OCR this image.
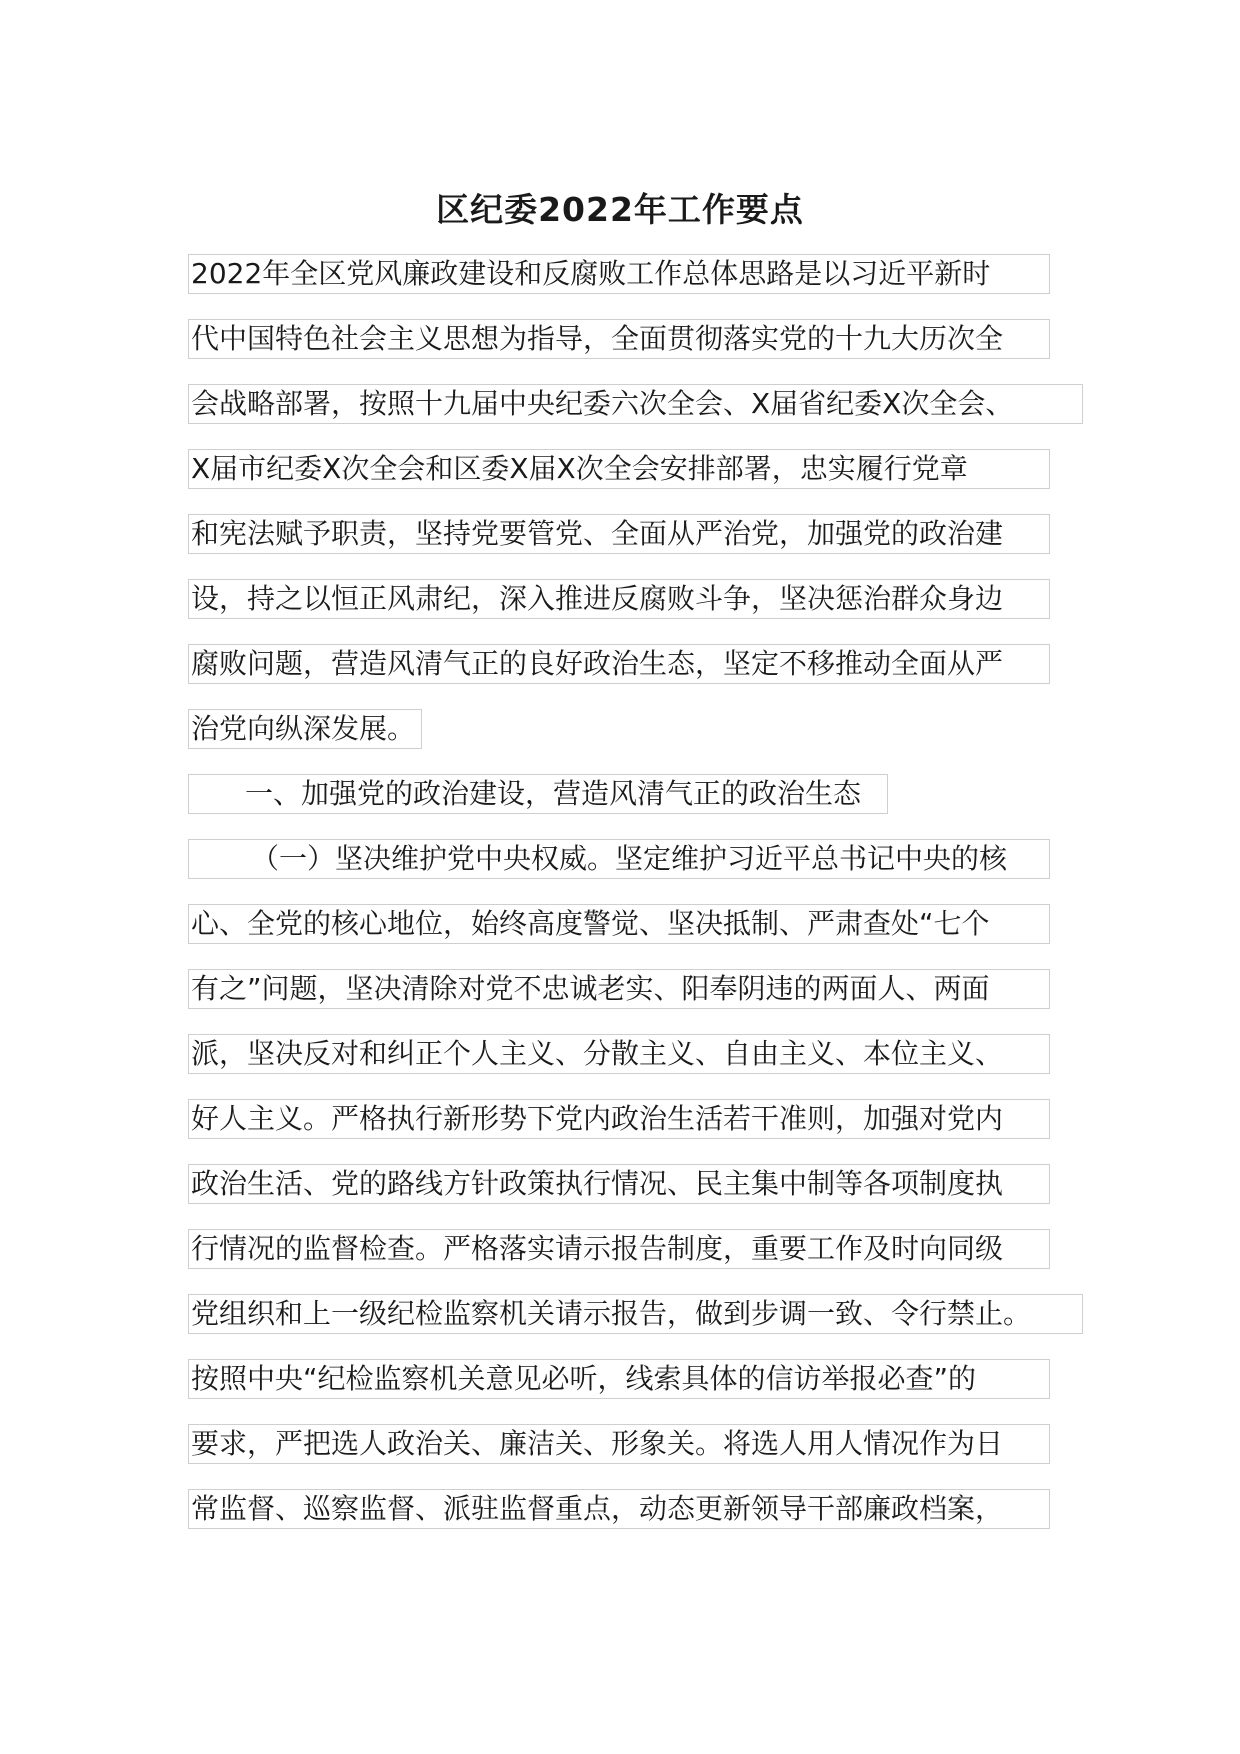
区纪委2022年工作要点
2022年全区党风廉政建设和反腐败工作总体思路是以习近平新时
代中国特色社会主义思想为指导，全面贯彻落实党的十九大历次全
会战略部署，按照十九届中央纪委六次全会、X届省纪委X次全会、
X届市纪委X次全会和区委X届X次全会安排部署，忠实履行党章
和宪法赋予职责，坚持党要管党、全面从严治党，加强党的政治建
设，持之以恒正风肃纪，深入推进反腐败斗争，坚决惩治群众身边
腐败问题，营造风清气正的良好政治生态，坚定不移推动全面从严
治党向纵深发展。
一、加强党的政治建设，营造风清气正的政治生态
（一）坚决维护党中央权威。坚定维护习近平总书记中央的核
心、全党的核心地位，始终高度警觉、坚决抵制、严肃查处“七个
有之”问题，坚决清除对党不忠诚老实、阳奉阴违的两面人、两面
派，坚决反对和纠正个人主义、分散主义、自由主义、本位主义、
好人主义。严格执行新形势下党内政治生活若干准则，加强对党内
政治生活、党的路线方针政策执行情况、民主集中制等各项制度执
行情况的监督检查。严格落实请示报告制度，重要工作及时向同级
党组织和上一级纪检监察机关请示报告，做到步调一致、令行禁止。
按照中央“纪检监察机关意见必听，线索具体的信访举报必查”的
要求，严把选人政治关、廉洁关、形象关。将选人用人情况作为日
常监督、巡察监督、派驻监督重点，动态更新领导干部廉政档案，
